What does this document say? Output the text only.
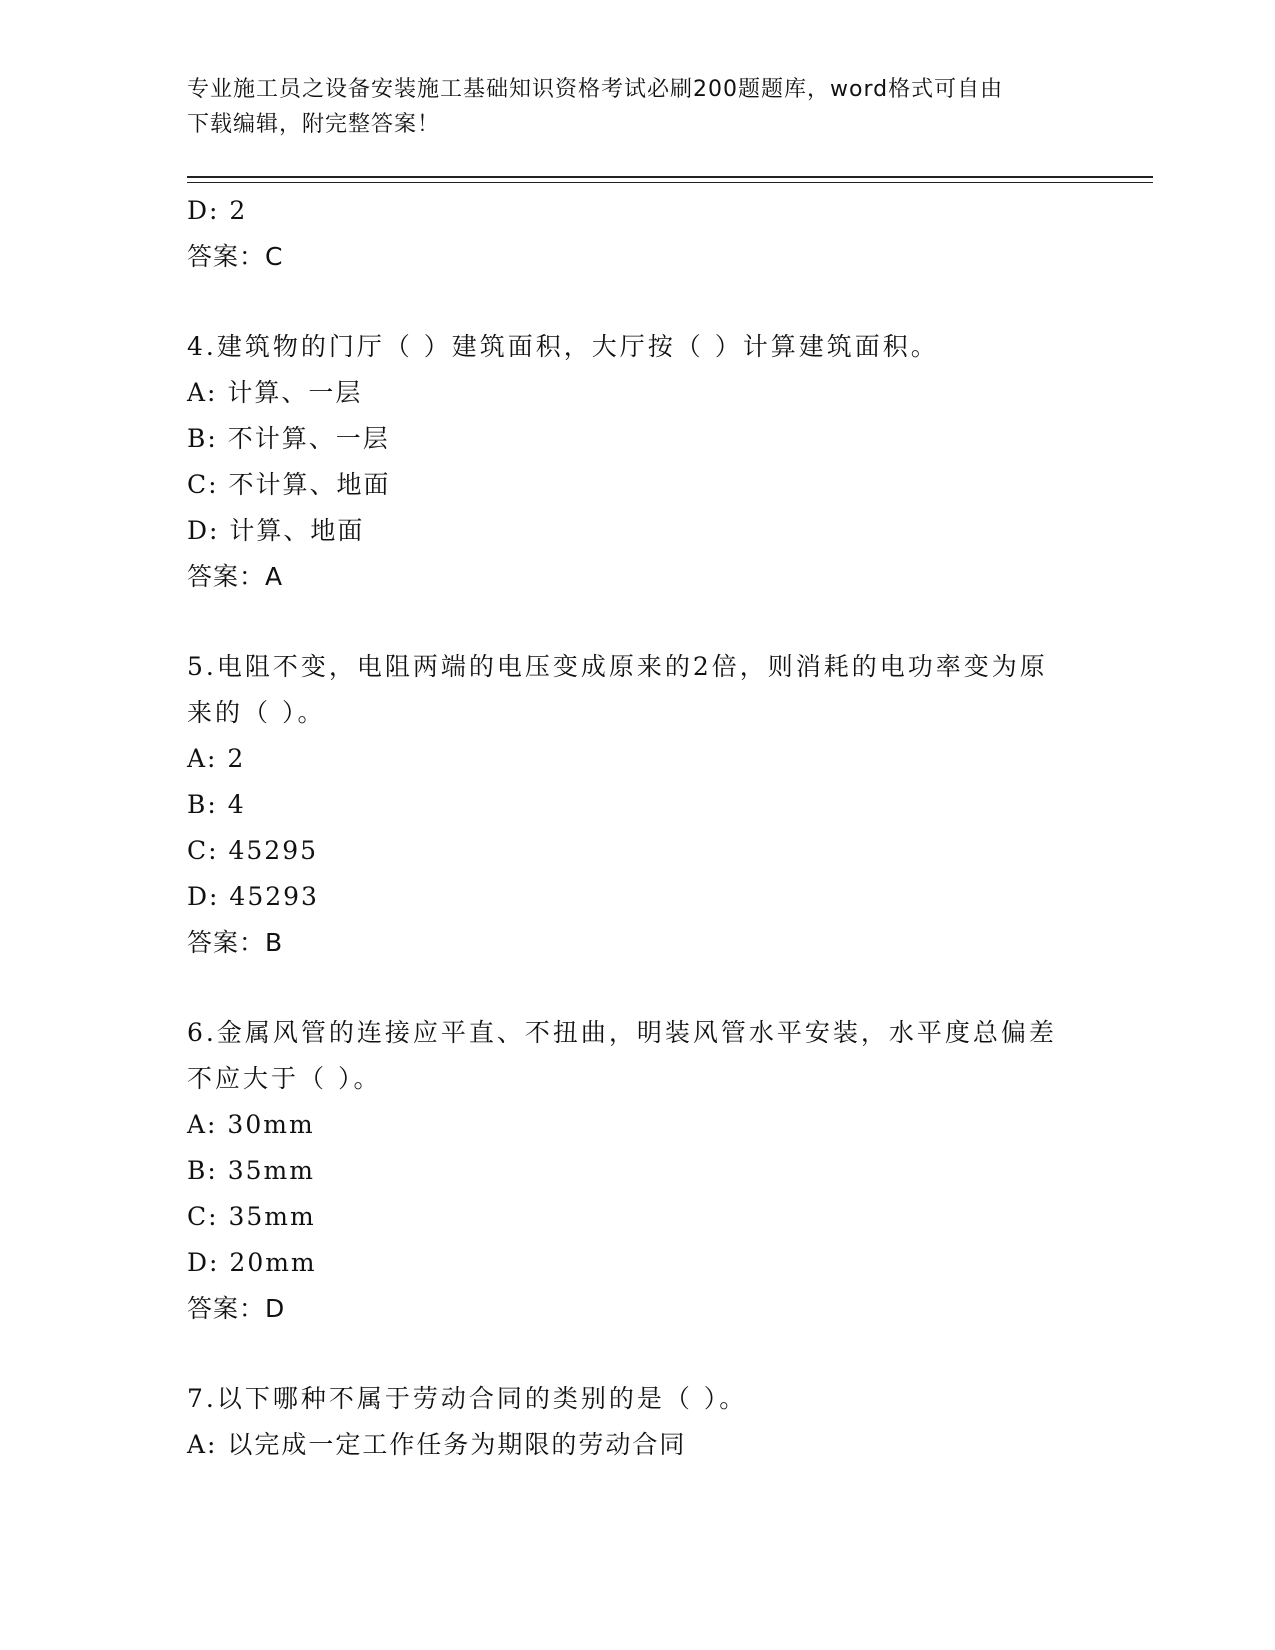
专业施工员之设备安装施工基础知识资格考试必刷200题题库，word格式可自由
下载编辑，附完整答案！
D: 2
答案：C
4.建筑物的门厅（ ）建筑面积，大厅按（ ）计算建筑面积。
A: 计算、一层
B: 不计算、一层
C: 不计算、地面
D: 计算、地面
答案：A
5.电阻不变，电阻两端的电压变成原来的2倍，则消耗的电功率变为原来的（ ）。
A: 2
B: 4
C: 45295
D: 45293
答案：B
6.金属风管的连接应平直、不扭曲，明装风管水平安装，水平度总偏差不应大于（ ）。
A: 30mm
B: 35mm
C: 35mm
D: 20mm
答案：D
7.以下哪种不属于劳动合同的类别的是（ ）。
A: 以完成一定工作任务为期限的劳动合同
